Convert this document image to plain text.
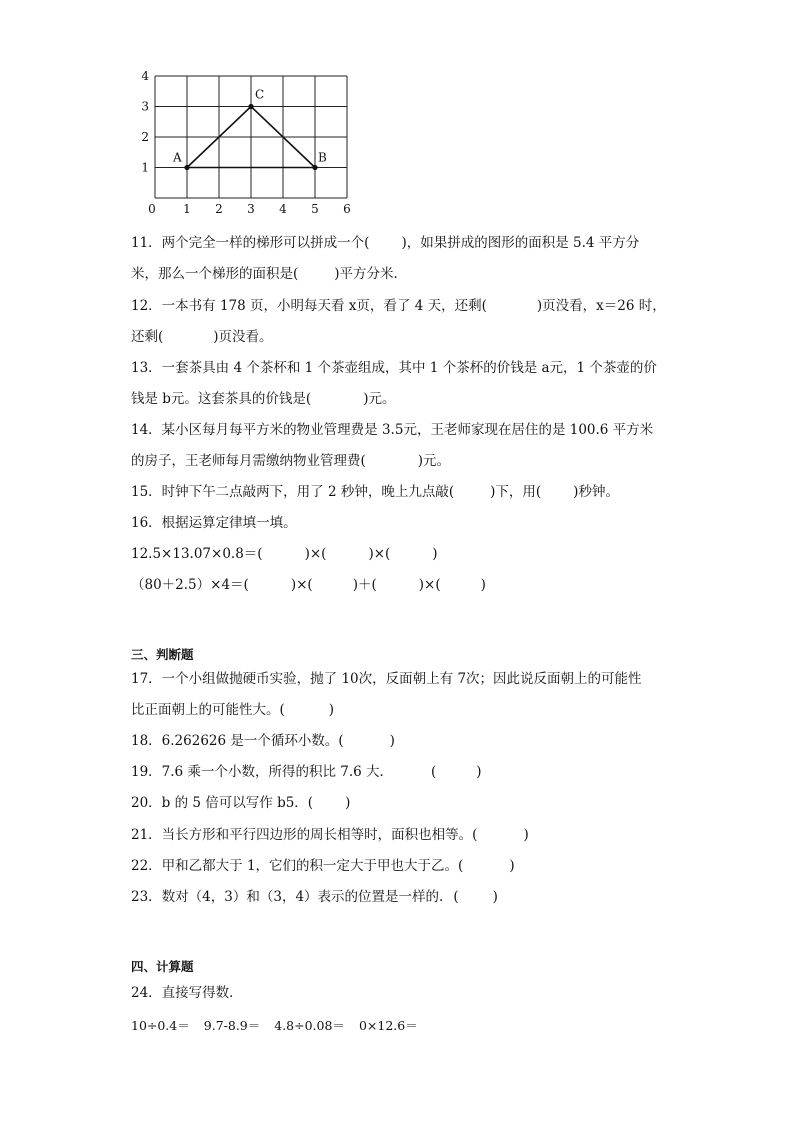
0 1 2 3 4 5 6
1
2
3
4
A	B
C
11．两个完全一样的梯形可以拼成一个( )，如果拼成的图形的面积是 5.4 平方分
米，那么一个梯形的面积是(	)平方分米．
12．一本书有 178 页，小明每天看 x页，看了 4 天，还剩(	)页没看，x＝26 时，
还剩(	)页没看。
13．一套茶具由 4 个茶杯和 1 个茶壶组成，其中 1 个茶杯的价钱是 a元，1 个茶壶的价
钱是 b元。这套茶具的价钱是(	)元。
14．某小区每月每平方米的物业管理费是 3.5元，王老师家现在居住的是 100.6 平方米
的房子，王老师每月需缴纳物业管理费(	)元。
15．时钟下午二点敲两下，用了 2 秒钟，晚上九点敲(	)下，用( )秒钟。
16．根据运算定律填一填。
12.5×13.07×0.8＝(	)×(	)×(	)
（80＋2.5）×4＝(	)×(	)＋(	)×(	)
三、判断题
17．一个小组做抛硬币实验，抛了 10次，反面朝上有 7次；因此说反面朝上的可能性
比正面朝上的可能性大。(	)
18．6.262626 是一个循环小数。(	)
19．7.6 乘一个小数，所得的积比 7.6 大．	(	)
20．b 的 5 倍可以写作 b5．( )
21．当长方形和平行四边形的周长相等时，面积也相等。(	)
22．甲和乙都大于 1，它们的积一定大于甲也大于乙。(	)
23．数对（4，3）和（3，4）表示的位置是一样的. (	)
四、计算题
24．直接写得数．
10÷0.4＝ 9.7-8.9＝ 4.8÷0.08＝ 0×12.6＝
